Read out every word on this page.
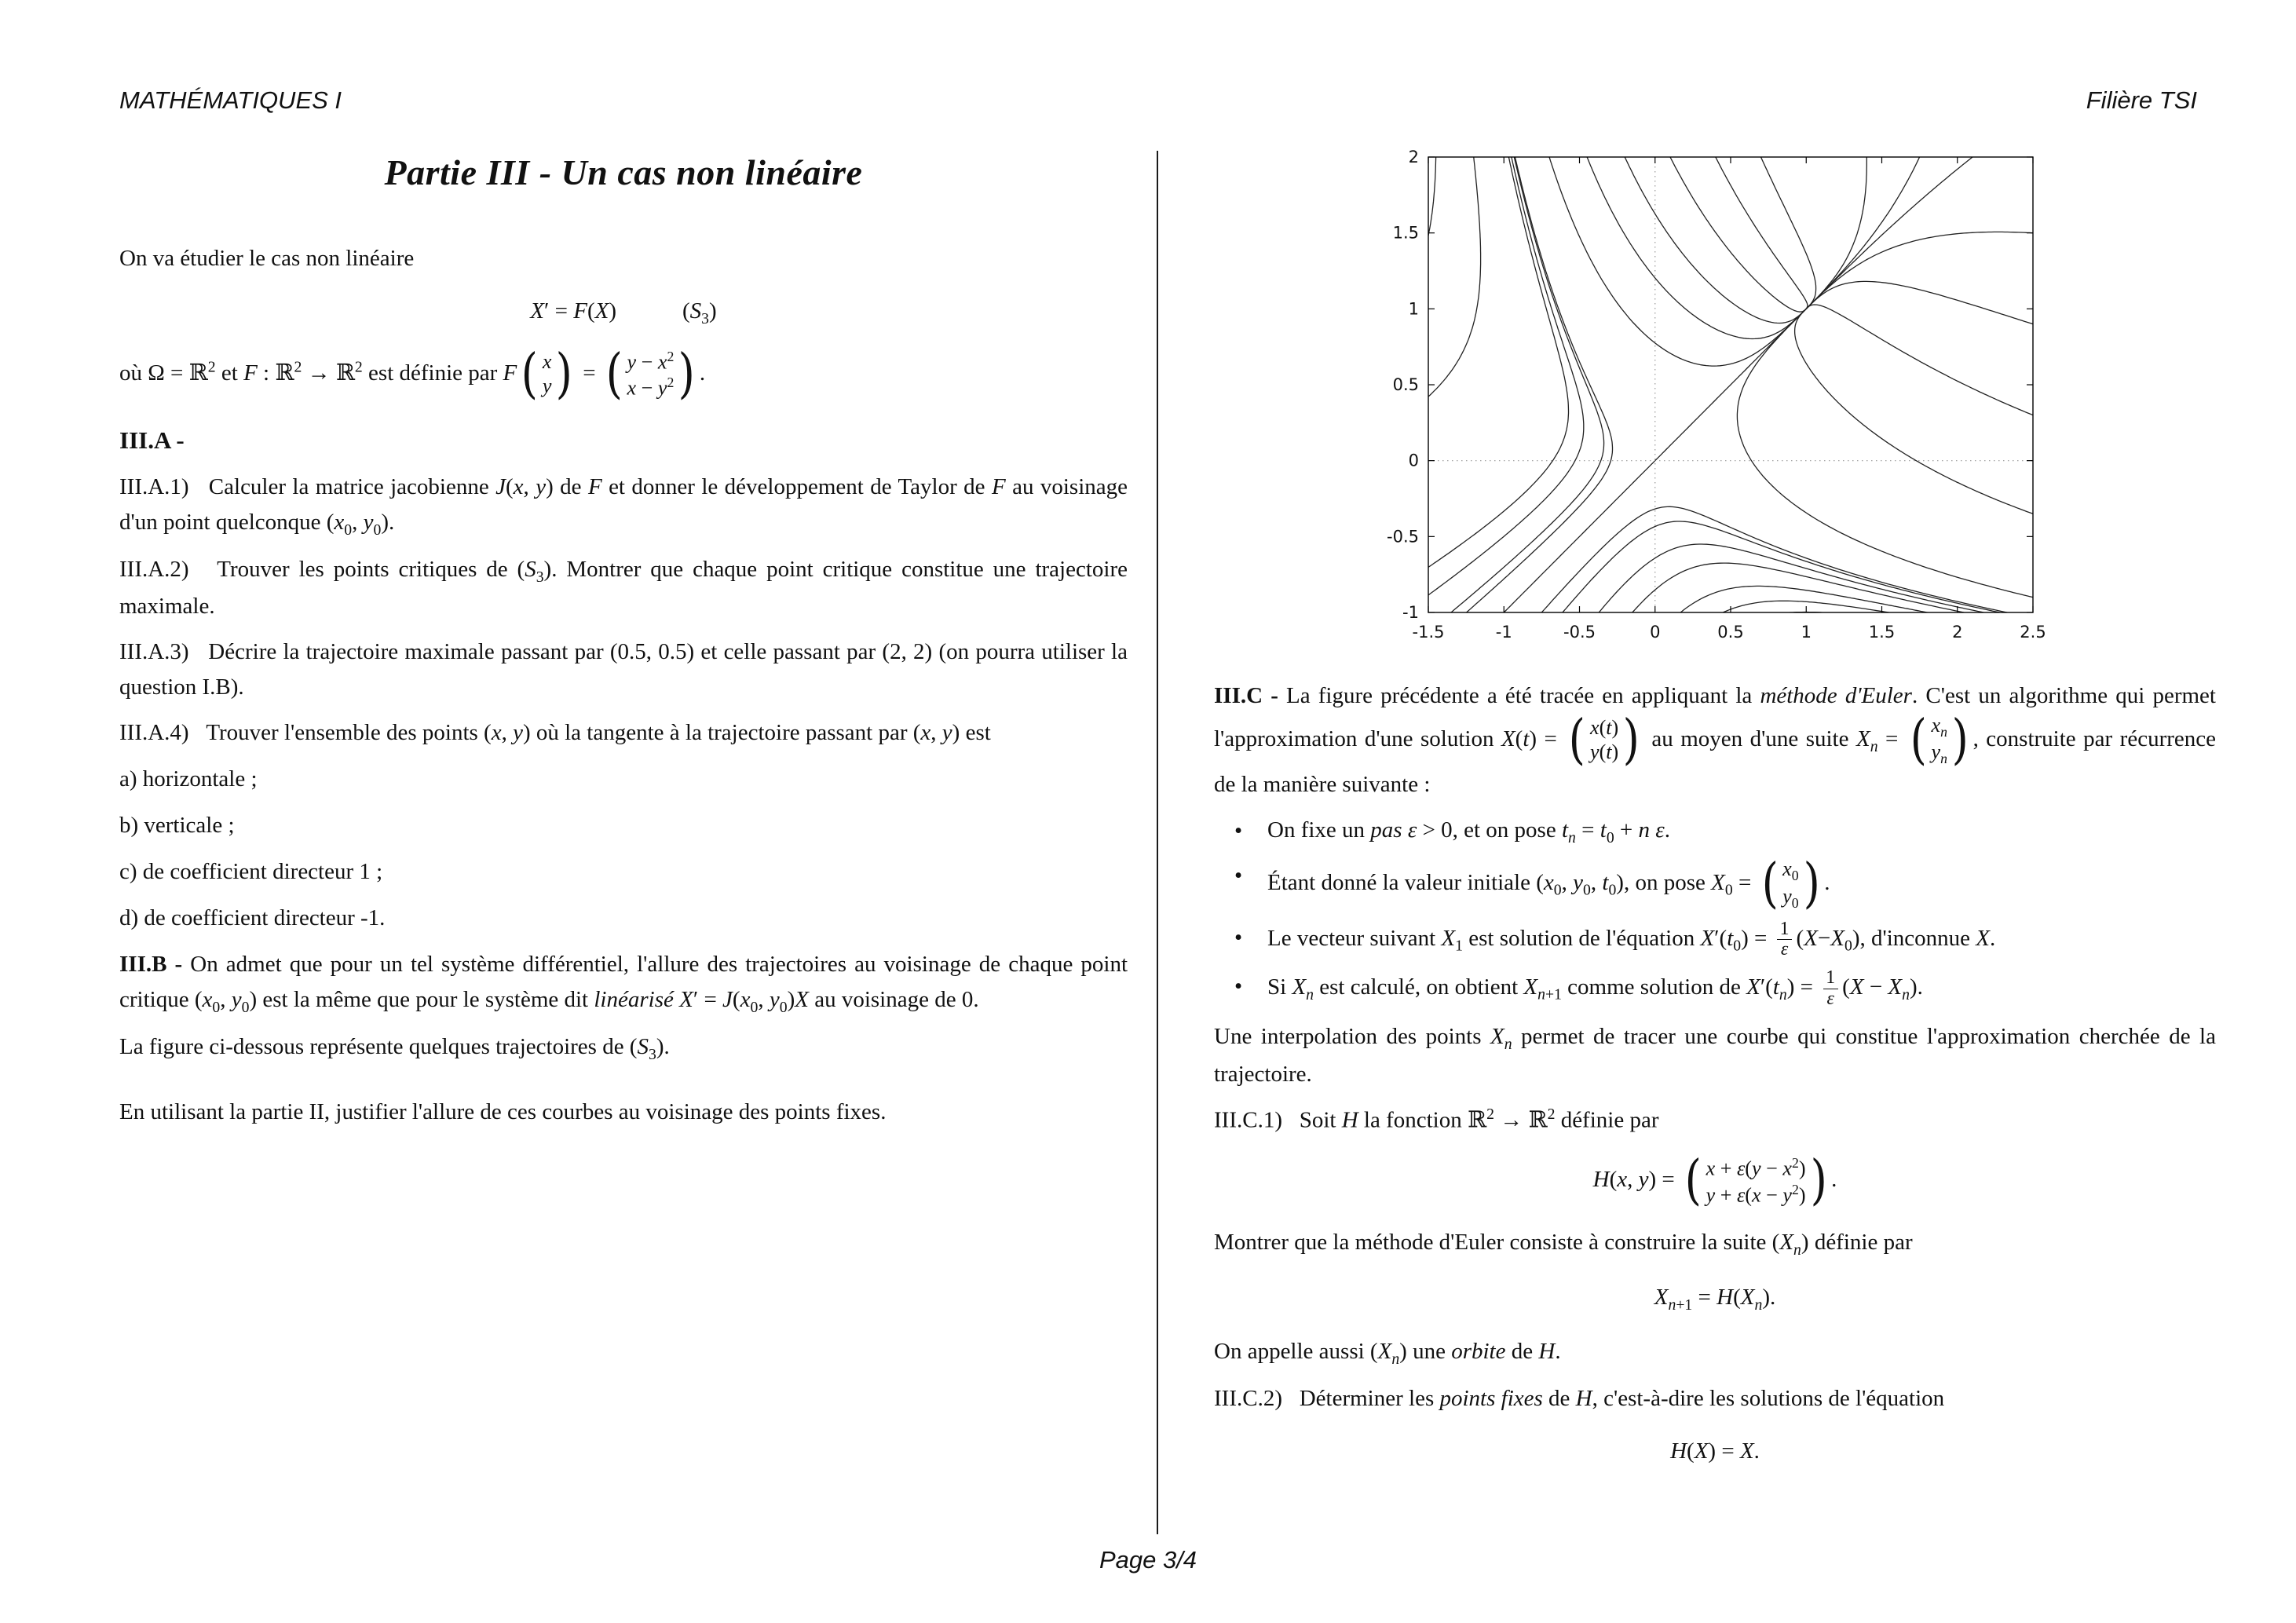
MATHÉMATIQUES I	Filière TSI
Partie III - Un cas non linéaire

On va étudier le cas non linéaire

X′ = F(X)	$(S_3)$

où Ω = ℝ$^2$ et F : ℝ$^2$ → ℝ$^2$ est définie par F ( x
y ) = ( $y - x^2$
$x - y^2$ ) .

III.A -

III.A.1)   Calculer la matrice jacobienne J(x, y) de F et donner le développement de Taylor de F au voisinage d'un point quelconque ($x_0$, $y_0$).

III.A.2)   Trouver les points critiques de $(S_3)$. Montrer que chaque point critique constitue une trajectoire maximale.

III.A.3)   Décrire la trajectoire maximale passant par (0.5, 0.5) et celle passant par (2, 2) (on pourra utiliser la question I.B).

III.A.4)   Trouver l'ensemble des points (x, y) où la tangente à la trajectoire passant par (x, y) est

a) horizontale ;

b) verticale ;

c) de coefficient directeur 1 ;

d) de coefficient directeur -1.

III.B - On admet que pour un tel système différentiel, l'allure des trajectoires au voisinage de chaque point critique ($x_0$, $y_0$) est la même que pour le système dit linéarisé $X' = J(x_0$, $y_0)X$ au voisinage de 0.

La figure ci-dessous représente quelques trajectoires de $(S_3)$.

En utilisant la partie II, justifier l'allure de ces courbes au voisinage des points fixes.

-1.5	-1	-0.5	0	0.5	1	1.5	2	2.5
2
1.5
1
0.5
0
-0.5
-1

III.C - La figure précédente a été tracée en appliquant la méthode d'Euler. C'est un algorithme qui permet l'approximation d'une solution X(t) = ( x(t)
y(t) ) au moyen d'une suite $X_n$ = ( $x_n$
$y_n$ ) , construite par récurrence de la manière suivante :

•	On fixe un pas ε > 0, et on pose $t_n = t_0 + n$ ε.
•	Étant donné la valeur initiale ($x_0$, $y_0$, $t_0$), on pose $X_0$ = ( $x_0$
$y_0$ ) .
•	Le vecteur suivant $X_1$ est solution de l'équation $X'(t_0) = \frac{1}{\varepsilon} (X-X_0)$, d'inconnue X.
•	Si $X_n$ est calculé, on obtient $X_{n+1}$ comme solution de $X'(t_n) = \frac{1}{\varepsilon} (X - X_n)$.

Une interpolation des points $X_n$ permet de tracer une courbe qui constitue l'approximation cherchée de la trajectoire.

III.C.1)   Soit H la fonction ℝ$^2$ → ℝ$^2$ définie par

H(x, y) = ( $x + \varepsilon(y - x^2)$
$y + \varepsilon(x - y^2)$ ) .

Montrer que la méthode d'Euler consiste à construire la suite $(X_n)$ définie par

$X_{n+1} = H(X_n)$.

On appelle aussi $(X_n)$ une orbite de H.

III.C.2)   Déterminer les points fixes de H, c'est-à-dire les solutions de l'équation

H(X) = X.
Page 3/4
